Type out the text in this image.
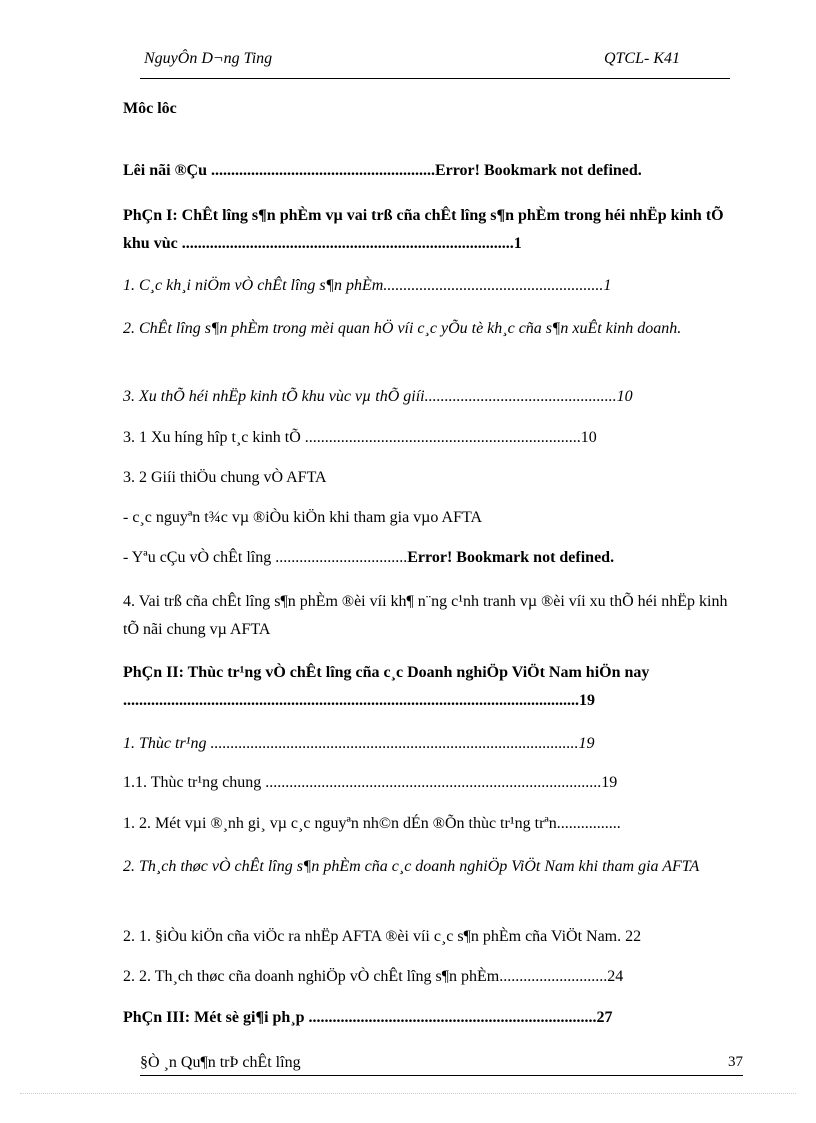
NguyÔn D¬ng Ting	QTCL- K41
Môc lôc
Lêi nãi ®Çu ........................................................Error! Bookmark not defined.
PhÇn I: ChÊt lîng s¶n phÈm vµ vai trß cña chÊt lîng s¶n phÈm trong héi nhËp kinh tÕ khu vùc ...................................................................................1
1. C¸c kh¸i niÖm vÒ chÊt lîng s¶n phÈm.......................................................1
2. ChÊt lîng s¶n phÈm trong mèi quan hÖ víi c¸c yÕu tè kh¸c cña s¶n xuÊt kinh doanh.
3. Xu thÕ héi nhËp kinh tÕ khu vùc vµ thÕ giíi................................................10
3. 1 Xu híng hîp t¸c kinh tÕ .....................................................................10
3. 2 Giíi thiÖu chung vÒ AFTA
- c¸c nguyªn t¾c vµ ®iÒu kiÖn khi tham gia vµo AFTA
- Yªu cÇu vÒ chÊt lîng .................................Error! Bookmark not defined.
4. Vai trß cña chÊt lîng s¶n phÈm ®èi víi kh¶ n¨ng c¹nh tranh vµ ®èi víi xu thÕ héi nhËp kinh tÕ nãi chung vµ AFTA
PhÇn II: Thùc tr¹ng vÒ chÊt lîng cña c¸c Doanh nghiÖp ViÖt Nam hiÖn nay ..................................................................................................................19
1. Thùc tr¹ng ............................................................................................19
1.1. Thùc tr¹ng chung ....................................................................................19
1. 2. Mét vµi ®¸nh gi¸ vµ c¸c nguyªn nh©n dÉn ®Õn thùc tr¹ng trªn................
2. Th¸ch thøc vÒ chÊt lîng s¶n phÈm cña c¸c doanh nghiÖp ViÖt Nam khi tham gia AFTA
2. 1. §iÒu kiÖn cña viÖc ra nhËp AFTA ®èi víi c¸c s¶n phÈm cña ViÖt Nam. 22
2. 2. Th¸ch thøc cña doanh nghiÖp vÒ chÊt lîng s¶n phÈm...........................24
PhÇn III: Mét sè gi¶i ph¸p ........................................................................27
§Ò ¸n Qu¶n trÞ chÊt lîng	37
